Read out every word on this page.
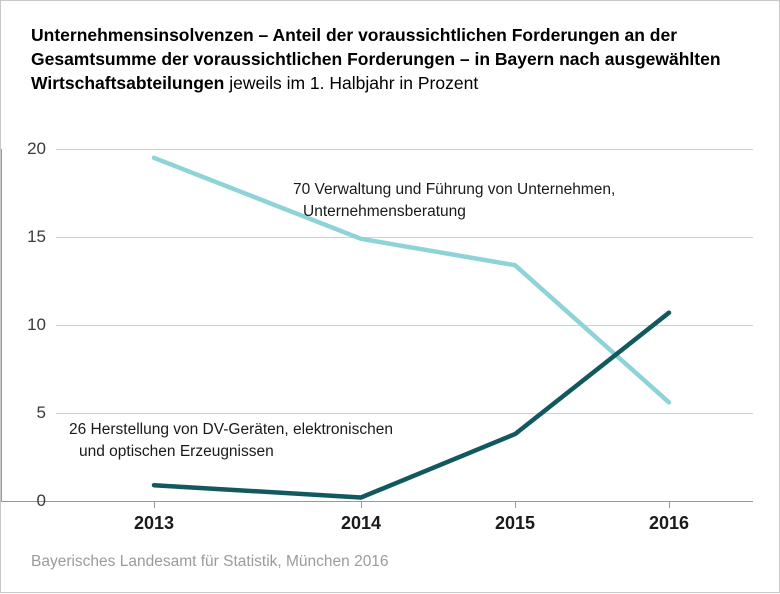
Unternehmensinsolvenzen – Anteil der voraussichtlichen Forderungen an der Gesamtsumme der voraussichtlichen Forderungen – in Bayern nach ausgewählten Wirtschaftsabteilungen jeweils im 1. Halbjahr in Prozent
20
15
10
5
0
2013	2014	2015	2016
70 Verwaltung und Führung von Unternehmen,
Unternehmensberatung
26 Herstellung von DV-Geräten, elektronischen
und optischen Erzeugnissen
Bayerisches Landesamt für Statistik, München 2016
